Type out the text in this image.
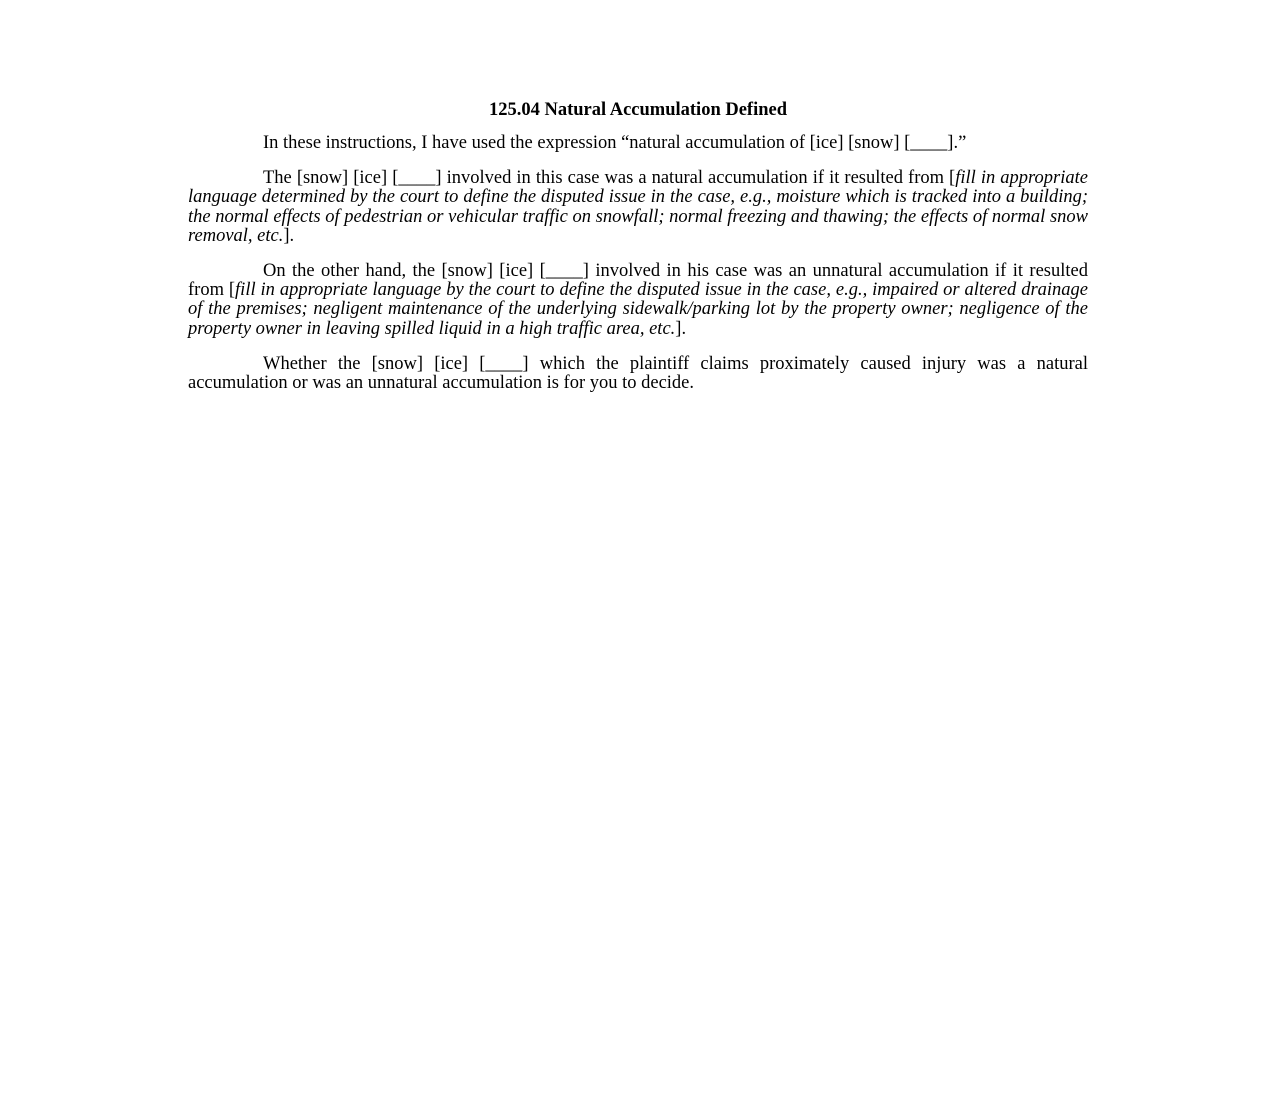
125.04 Natural Accumulation Defined

In these instructions, I have used the expression “natural accumulation of [ice] [snow] [____].”

The [snow] [ice] [____] involved in this case was a natural accumulation if it resulted from [fill in appropriate language determined by the court to define the disputed issue in the case, e.g., moisture which is tracked into a building; the normal effects of pedestrian or vehicular traffic on snowfall; normal freezing and thawing; the effects of normal snow removal, etc.].

On the other hand, the [snow] [ice] [____] involved in his case was an unnatural accumulation if it resulted from [fill in appropriate language by the court to define the disputed issue in the case, e.g., impaired or altered drainage of the premises; negligent maintenance of the underlying sidewalk/parking lot by the property owner; negligence of the property owner in leaving spilled liquid in a high traffic area, etc.].

Whether the [snow] [ice] [____] which the plaintiff claims proximately caused injury was a natural accumulation or was an unnatural accumulation is for you to decide.
